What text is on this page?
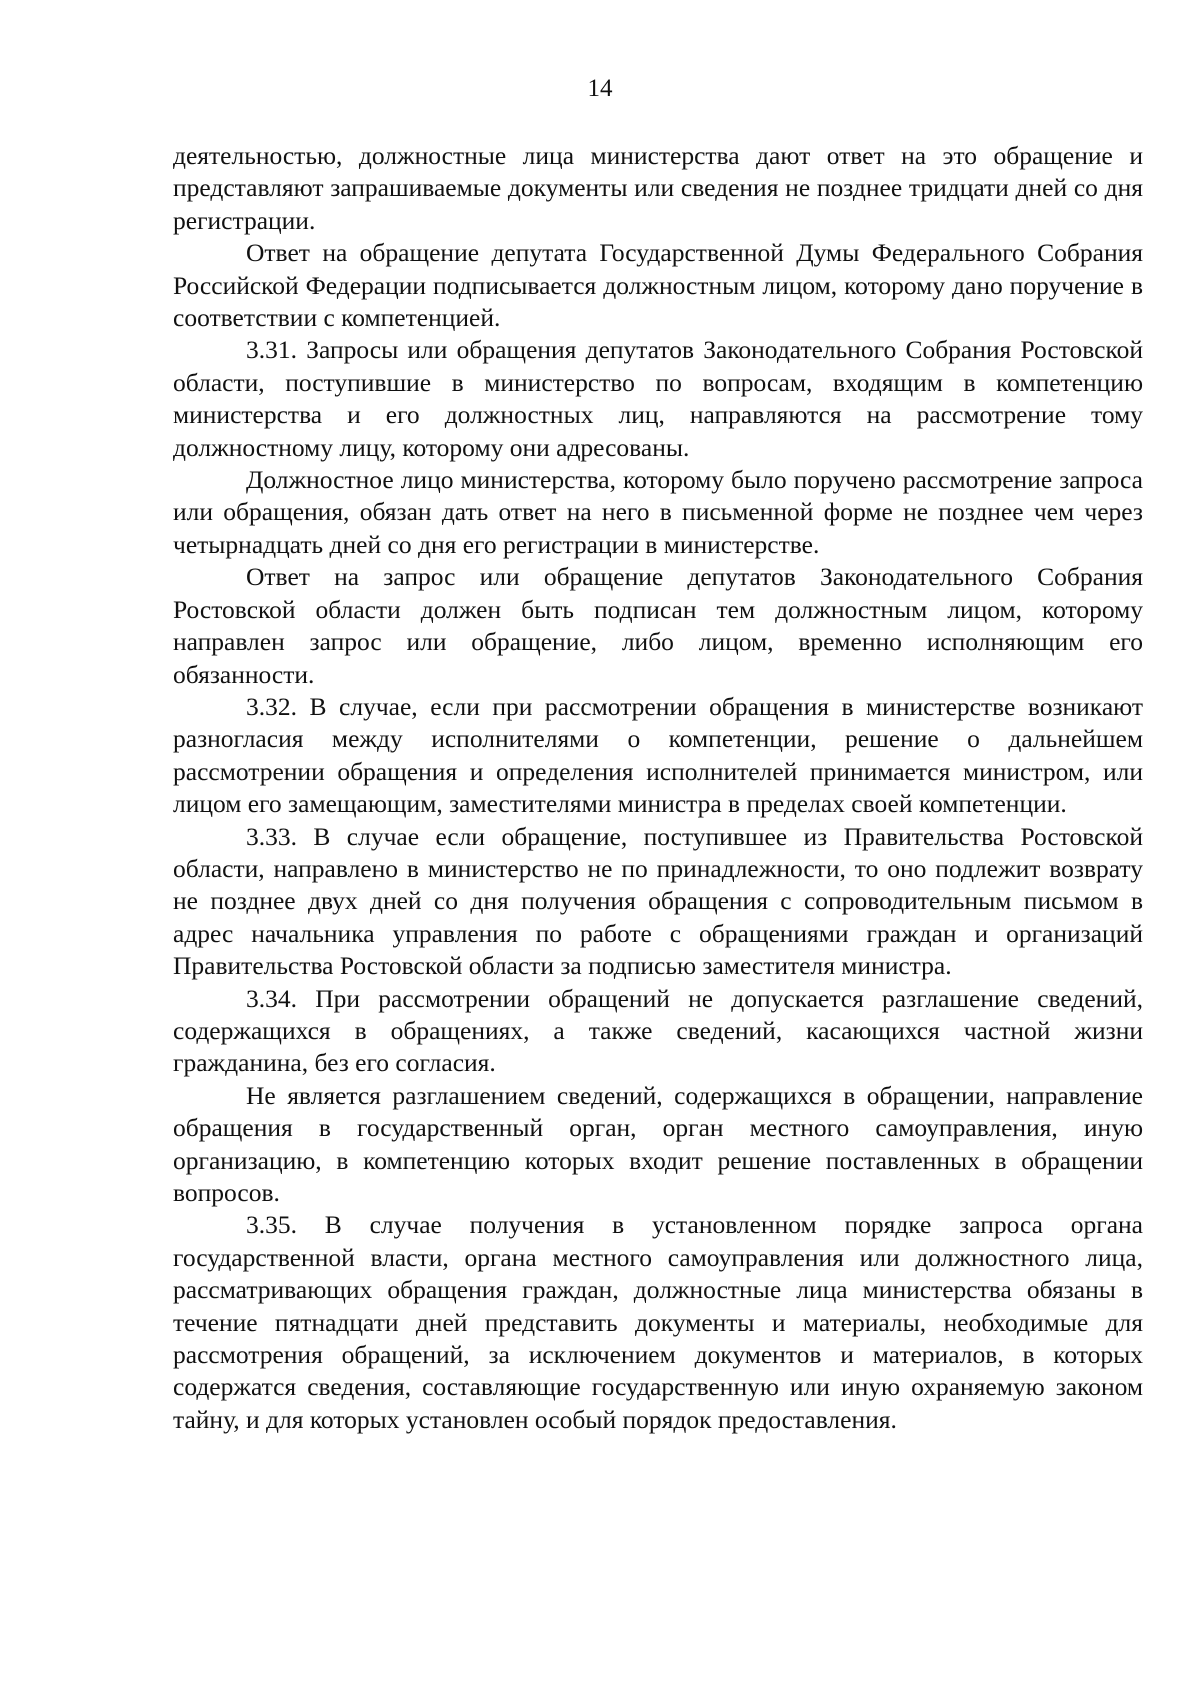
14

деятельностью, должностные лица министерства дают ответ на это обращение и представляют запрашиваемые документы или сведения не позднее тридцати дней со дня регистрации.

Ответ на обращение депутата Государственной Думы Федерального Собрания Российской Федерации подписывается должностным лицом, которому дано поручение в соответствии с компетенцией.

3.31. Запросы или обращения депутатов Законодательного Собрания Ростовской области, поступившие в министерство по вопросам, входящим в компетенцию министерства и его должностных лиц, направляются на рассмотрение тому должностному лицу, которому они адресованы.

Должностное лицо министерства, которому было поручено рассмотрение запроса или обращения, обязан дать ответ на него в письменной форме не позднее чем через четырнадцать дней со дня его регистрации в министерстве.

Ответ на запрос или обращение депутатов Законодательного Собрания Ростовской области должен быть подписан тем должностным лицом, которому направлен запрос или обращение, либо лицом, временно исполняющим его обязанности.

3.32. В случае, если при рассмотрении обращения в министерстве возникают разногласия между исполнителями о компетенции, решение о дальнейшем рассмотрении обращения и определения исполнителей принимается министром, или лицом его замещающим, заместителями министра в пределах своей компетенции.

3.33. В случае если обращение, поступившее из Правительства Ростовской области, направлено в министерство не по принадлежности, то оно подлежит возврату не позднее двух дней со дня получения обращения с сопроводительным письмом в адрес начальника управления по работе с обращениями граждан и организаций Правительства Ростовской области за подписью заместителя министра.

3.34. При рассмотрении обращений не допускается разглашение сведений, содержащихся в обращениях, а также сведений, касающихся частной жизни гражданина, без его согласия.

Не является разглашением сведений, содержащихся в обращении, направление обращения в государственный орган, орган местного самоуправления, иную организацию, в компетенцию которых входит решение поставленных в обращении вопросов.

3.35. В случае получения в установленном порядке запроса органа государственной власти, органа местного самоуправления или должностного лица, рассматривающих обращения граждан, должностные лица министерства обязаны в течение пятнадцати дней представить документы и материалы, необходимые для рассмотрения обращений, за исключением документов и материалов, в которых содержатся сведения, составляющие государственную или иную охраняемую законом тайну, и для которых установлен особый порядок предоставления.
